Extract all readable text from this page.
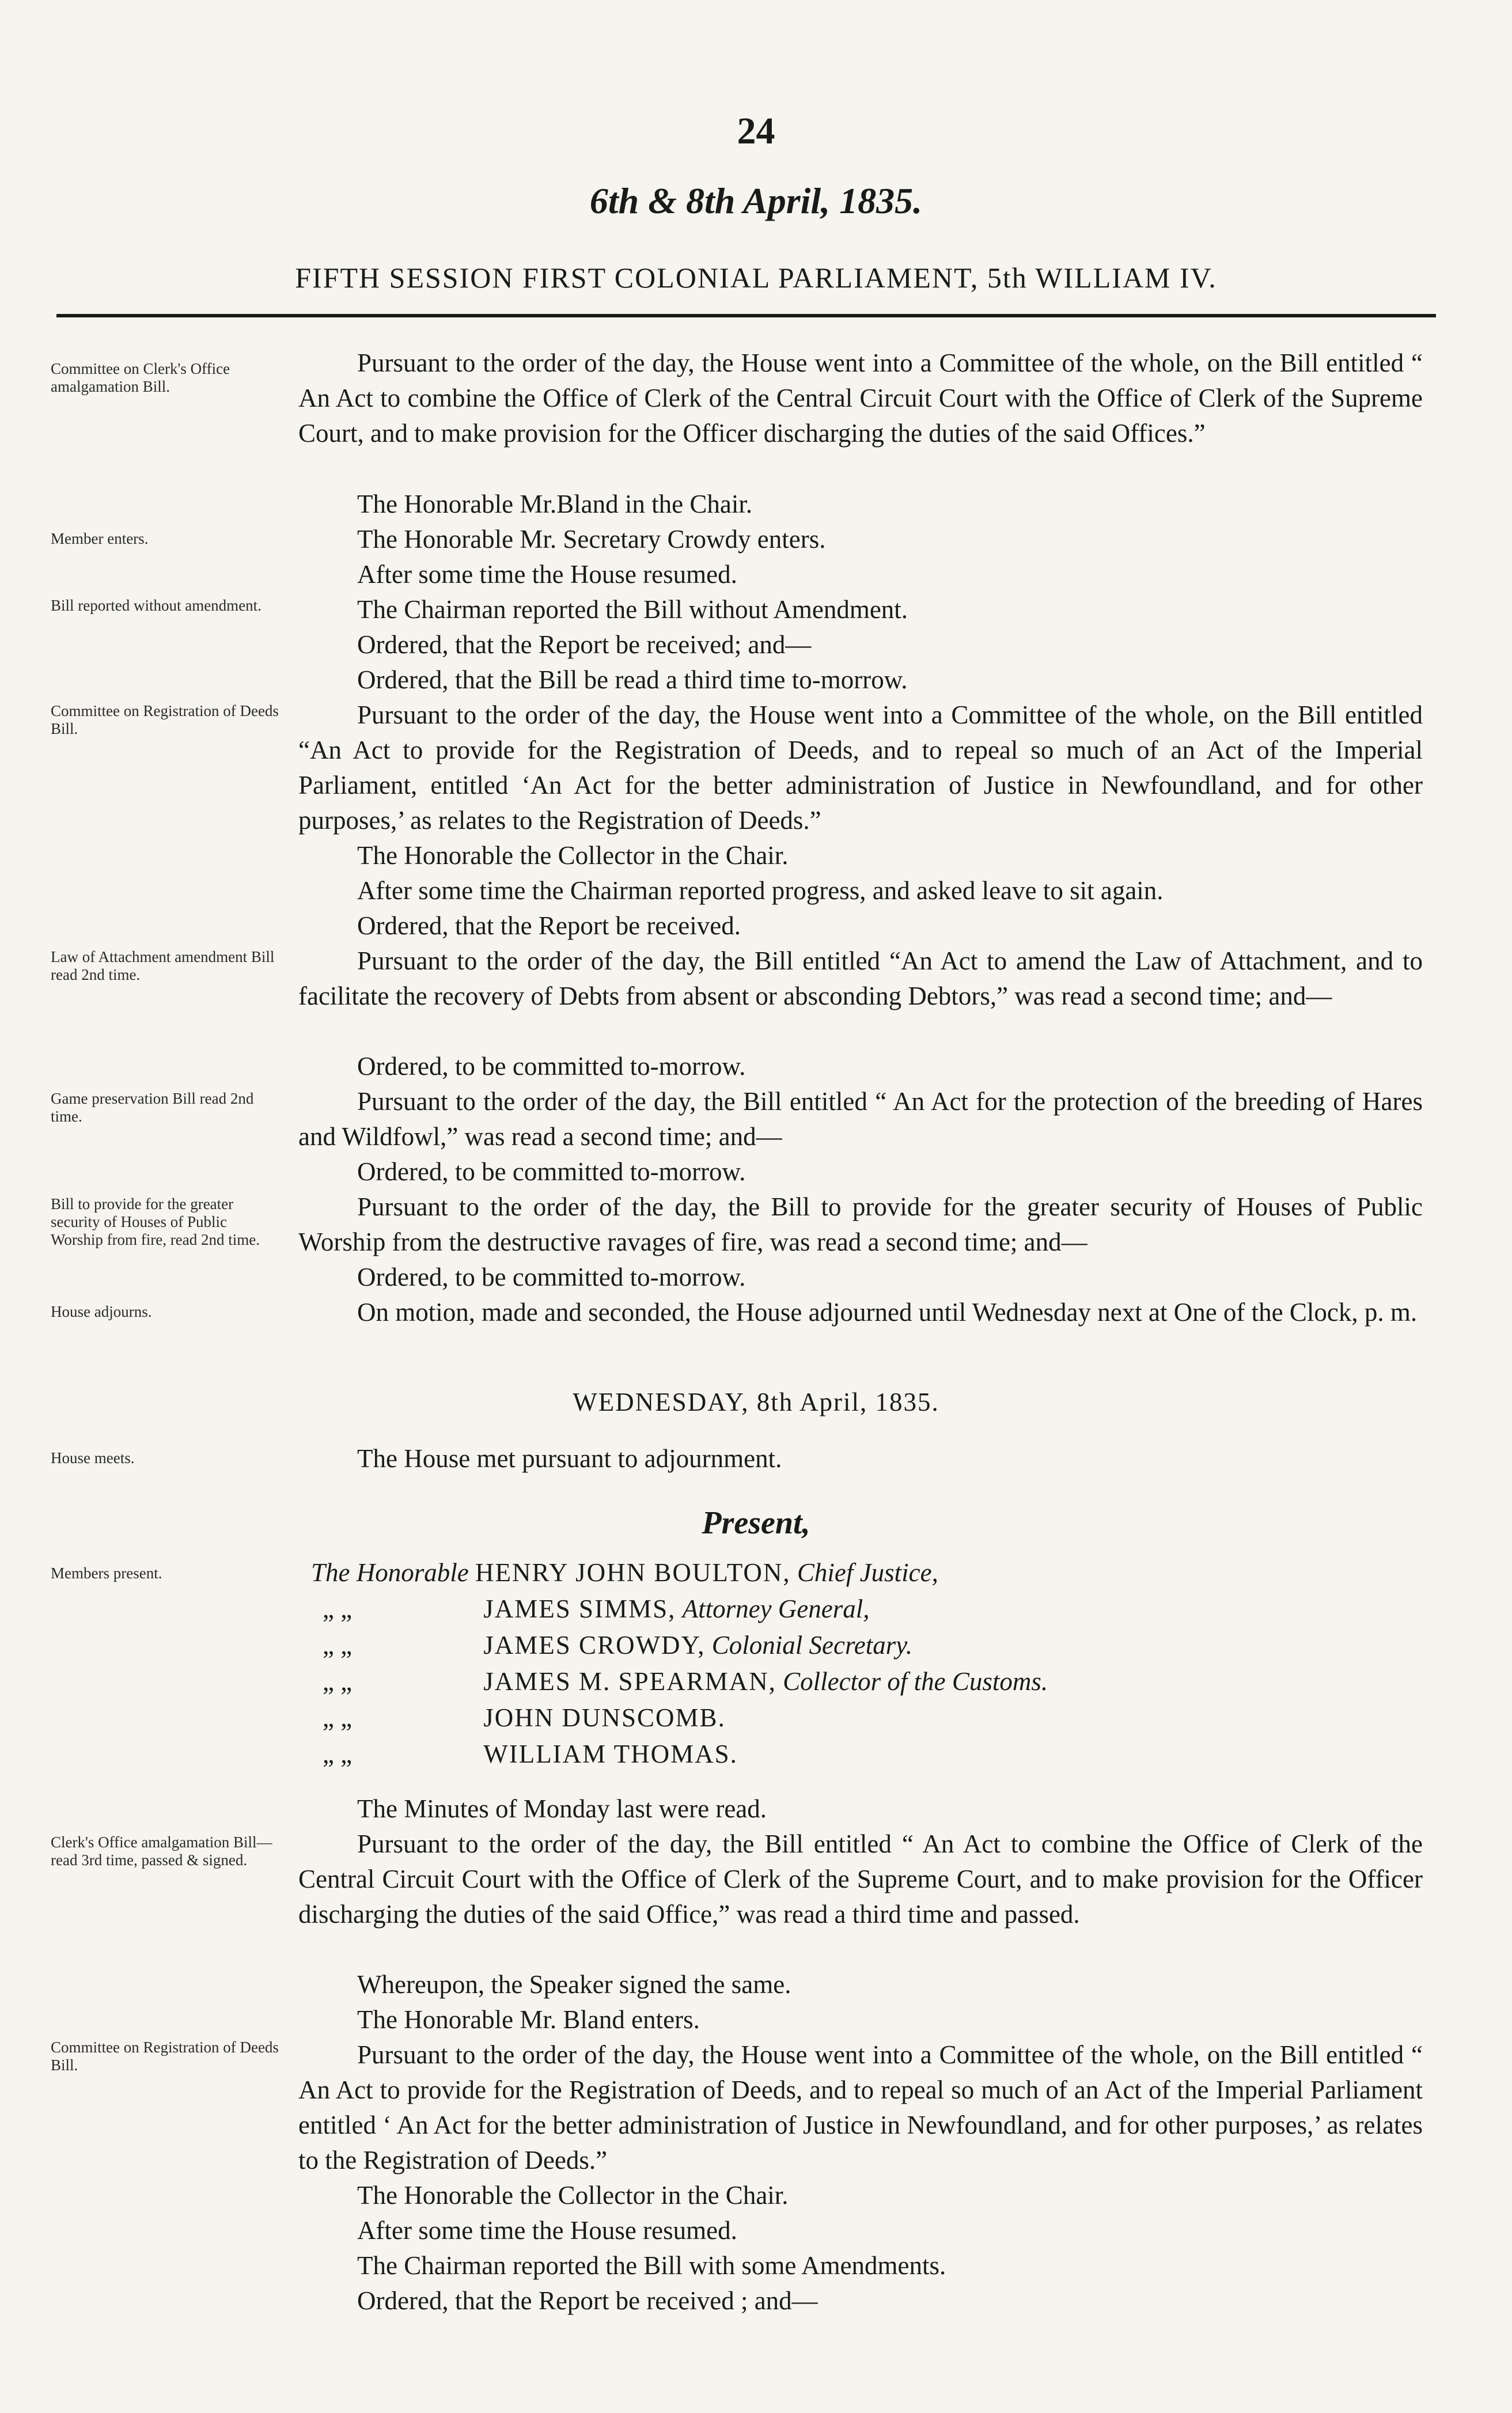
24
6th & 8th April, 1835.
FIFTH SESSION FIRST COLONIAL PARLIAMENT, 5th WILLIAM IV.
Committee on Clerk's Office amalgamation Bill.
Pursuant to the order of the day, the House went into a Committee of the whole, on the Bill entitled “ An Act to combine the Office of Clerk of the Central Circuit Court with the Office of Clerk of the Supreme Court, and to make provision for the Officer discharging the duties of the said Offices.”
The Honorable Mr.Bland in the Chair.
Member enters.	The Honorable Mr. Secretary Crowdy enters.
After some time the House resumed.
Bill reported without amendment.	The Chairman reported the Bill without Amendment.
Ordered, that the Report be received; and—
Ordered, that the Bill be read a third time to-morrow.
Committee on Registration of Deeds Bill.	Pursuant to the order of the day, the House went into a Committee of the whole, on the Bill entitled “An Act to provide for the Registration of Deeds, and to repeal so much of an Act of the Imperial Parliament, entitled ‘An Act for the better administration of Justice in Newfoundland, and for other purposes,’ as relates to the Registration of Deeds.”
The Honorable the Collector in the Chair.
After some time the Chairman reported progress, and asked leave to sit again.
Ordered, that the Report be received.
Law of Attachment amendment Bill read 2nd time.	Pursuant to the order of the day, the Bill entitled “An Act to amend the Law of Attachment, and to facilitate the recovery of Debts from absent or absconding Debtors,” was read a second time; and—
Ordered, to be committed to-morrow.
Game preservation Bill read 2nd time.
Pursuant to the order of the day, the Bill entitled “ An Act for the protection of the breeding of Hares and Wildfowl,” was read a second time; and—
Ordered, to be committed to-morrow.
Bill to provide for the greater security of Houses of Public Worship from fire, read 2nd time.
Pursuant to the order of the day, the Bill to provide for the greater security of Houses of Public Worship from the destructive ravages of fire, was read a second time; and—
Ordered, to be committed to-morrow.
House adjourns.	On motion, made and seconded, the House adjourned until Wednesday next at One of the Clock, p. m.
WEDNESDAY, 8th April, 1835.
House meets.	The House met pursuant to adjournment.
Present,
Members present.	The Honorable HENRY JOHN BOULTON, Chief Justice,
„ „	JAMES SIMMS, Attorney General,
„ „	JAMES CROWDY, Colonial Secretary.
„ „	JAMES M. SPEARMAN, Collector of the Customs.
„ „	JOHN DUNSCOMB.
„ „	WILLIAM THOMAS.
The Minutes of Monday last were read.
Clerk's Office amalgamation Bill—read 3rd time, passed & signed.
Pursuant to the order of the day, the Bill entitled “ An Act to combine the Office of Clerk of the Central Circuit Court with the Office of Clerk of the Supreme Court, and to make provision for the Officer discharging the duties of the said Office,” was read a third time and passed.
Whereupon, the Speaker signed the same.
The Honorable Mr. Bland enters.
Committee on Registration of Deeds Bill.	Pursuant to the order of the day, the House went into a Committee of the whole, on the Bill entitled “ An Act to provide for the Registration of Deeds, and to repeal so much of an Act of the Imperial Parliament entitled ‘ An Act for the better administration of Justice in Newfoundland, and for other purposes,’ as relates to the Registration of Deeds.”
The Honorable the Collector in the Chair.
After some time the House resumed.
The Chairman reported the Bill with some Amendments.
Ordered, that the Report be received ; and—
